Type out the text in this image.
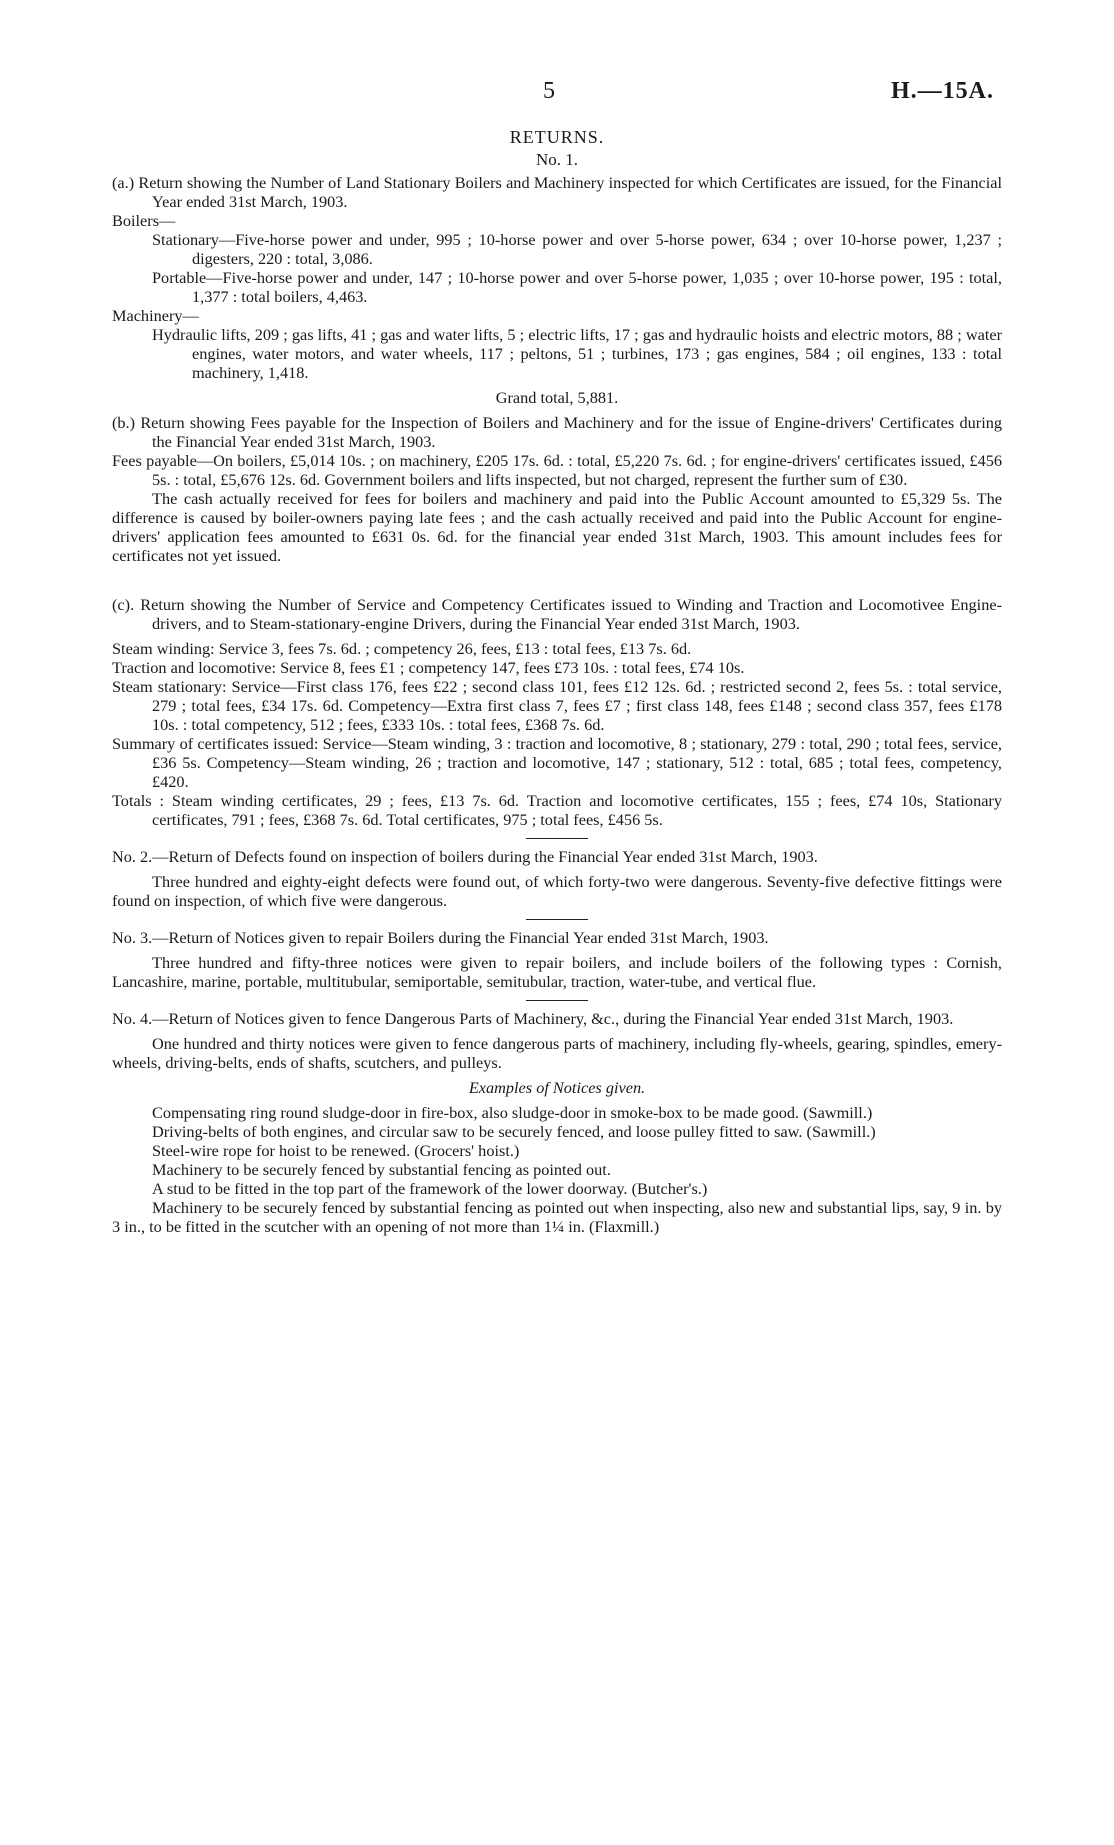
5	H.—15A.
RETURNS.
No. 1.

(a.) Return showing the Number of Land Stationary Boilers and Machinery inspected for which Certificates are issued, for the Financial Year ended 31st March, 1903.

Boilers—

Stationary—Five-horse power and under, 995 ; 10-horse power and over 5-horse power, 634 ; over 10-horse power, 1,237 ; digesters, 220 : total, 3,086.

Portable—Five-horse power and under, 147 ; 10-horse power and over 5-horse power, 1,035 ; over 10-horse power, 195 : total, 1,377 : total boilers, 4,463.

Machinery—

Hydraulic lifts, 209 ; gas lifts, 41 ; gas and water lifts, 5 ; electric lifts, 17 ; gas and hydraulic hoists and electric motors, 88 ; water engines, water motors, and water wheels, 117 ; peltons, 51 ; turbines, 173 ; gas engines, 584 ; oil engines, 133 : total machinery, 1,418.

Grand total, 5,881.

(b.) Return showing Fees payable for the Inspection of Boilers and Machinery and for the issue of Engine-drivers' Certificates during the Financial Year ended 31st March, 1903.

Fees payable—On boilers, £5,014 10s. ; on machinery, £205 17s. 6d. : total, £5,220 7s. 6d. ; for engine-drivers' certificates issued, £456 5s. : total, £5,676 12s. 6d. Government boilers and lifts inspected, but not charged, represent the further sum of £30.

The cash actually received for fees for boilers and machinery and paid into the Public Account amounted to £5,329 5s. The difference is caused by boiler-owners paying late fees ; and the cash actually received and paid into the Public Account for engine-drivers' application fees amounted to £631 0s. 6d. for the financial year ended 31st March, 1903. This amount includes fees for certificates not yet issued.

(c). Return showing the Number of Service and Competency Certificates issued to Winding and Traction and Locomotivee Engine-drivers, and to Steam-stationary-engine Drivers, during the Financial Year ended 31st March, 1903.

Steam winding: Service 3, fees 7s. 6d. ; competency 26, fees, £13 : total fees, £13 7s. 6d.

Traction and locomotive: Service 8, fees £1 ; competency 147, fees £73 10s. : total fees, £74 10s.

Steam stationary: Service—First class 176, fees £22 ; second class 101, fees £12 12s. 6d. ; restricted second 2, fees 5s. : total service, 279 ; total fees, £34 17s. 6d. Competency—Extra first class 7, fees £7 ; first class 148, fees £148 ; second class 357, fees £178 10s. : total competency, 512 ; fees, £333 10s. : total fees, £368 7s. 6d.

Summary of certificates issued: Service—Steam winding, 3 : traction and locomotive, 8 ; stationary, 279 : total, 290 ; total fees, service, £36 5s. Competency—Steam winding, 26 ; traction and locomotive, 147 ; stationary, 512 : total, 685 ; total fees, competency, £420.

Totals : Steam winding certificates, 29 ; fees, £13 7s. 6d. Traction and locomotive certificates, 155 ; fees, £74 10s, Stationary certificates, 791 ; fees, £368 7s. 6d. Total certificates, 975 ; total fees, £456 5s.

No. 2.—Return of Defects found on inspection of boilers during the Financial Year ended 31st March, 1903.

Three hundred and eighty-eight defects were found out, of which forty-two were dangerous. Seventy-five defective fittings were found on inspection, of which five were dangerous.

No. 3.—Return of Notices given to repair Boilers during the Financial Year ended 31st March, 1903.

Three hundred and fifty-three notices were given to repair boilers, and include boilers of the following types : Cornish, Lancashire, marine, portable, multitubular, semiportable, semitubular, traction, water-tube, and vertical flue.

No. 4.—Return of Notices given to fence Dangerous Parts of Machinery, &c., during the Financial Year ended 31st March, 1903.

One hundred and thirty notices were given to fence dangerous parts of machinery, including fly-wheels, gearing, spindles, emery-wheels, driving-belts, ends of shafts, scutchers, and pulleys.

Examples of Notices given.

Compensating ring round sludge-door in fire-box, also sludge-door in smoke-box to be made good. (Sawmill.)

Driving-belts of both engines, and circular saw to be securely fenced, and loose pulley fitted to saw. (Sawmill.)

Steel-wire rope for hoist to be renewed. (Grocers' hoist.)

Machinery to be securely fenced by substantial fencing as pointed out.

A stud to be fitted in the top part of the framework of the lower doorway. (Butcher's.)

Machinery to be securely fenced by substantial fencing as pointed out when inspecting, also new and substantial lips, say, 9 in. by 3 in., to be fitted in the scutcher with an opening of not more than 1¼ in. (Flaxmill.)
